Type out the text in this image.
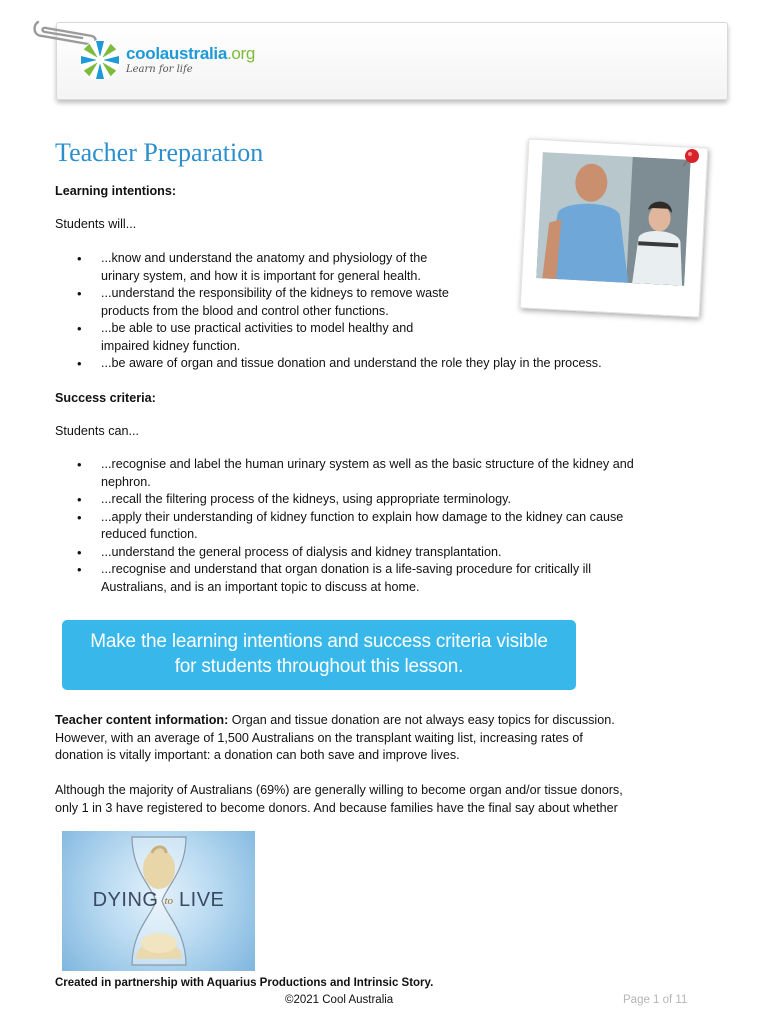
coolaustralia.org
Learn for life
Teacher Preparation
Learning intentions:
Students will...
• ...know and understand the anatomy and physiology of the
urinary system, and how it is important for general health.
• ...understand the responsibility of the kidneys to remove waste
products from the blood and control other functions.
• ...be able to use practical activities to model healthy and
impaired kidney function.
• ...be aware of organ and tissue donation and understand the role they play in the process.
Success criteria:
Students can...
• ...recognise and label the human urinary system as well as the basic structure of the kidney and
nephron.
• ...recall the filtering process of the kidneys, using appropriate terminology.
• ...apply their understanding of kidney function to explain how damage to the kidney can cause
reduced function.
• ...understand the general process of dialysis and kidney transplantation.
• ...recognise and understand that organ donation is a life-saving procedure for critically ill
Australians, and is an important topic to discuss at home.
Make the learning intentions and success criteria visible
for students throughout this lesson.
Teacher content information: Organ and tissue donation are not always easy topics for discussion.
However, with an average of 1,500 Australians on the transplant waiting list, increasing rates of
donation is vitally important: a donation can both save and improve lives.
Although the majority of Australians (69%) are generally willing to become organ and/or tissue donors,
only 1 in 3 have registered to become donors. And because families have the final say about whether
DYING to LIVE
Created in partnership with Aquarius Productions and Intrinsic Story.
©2021 Cool Australia	Page 1 of 11
